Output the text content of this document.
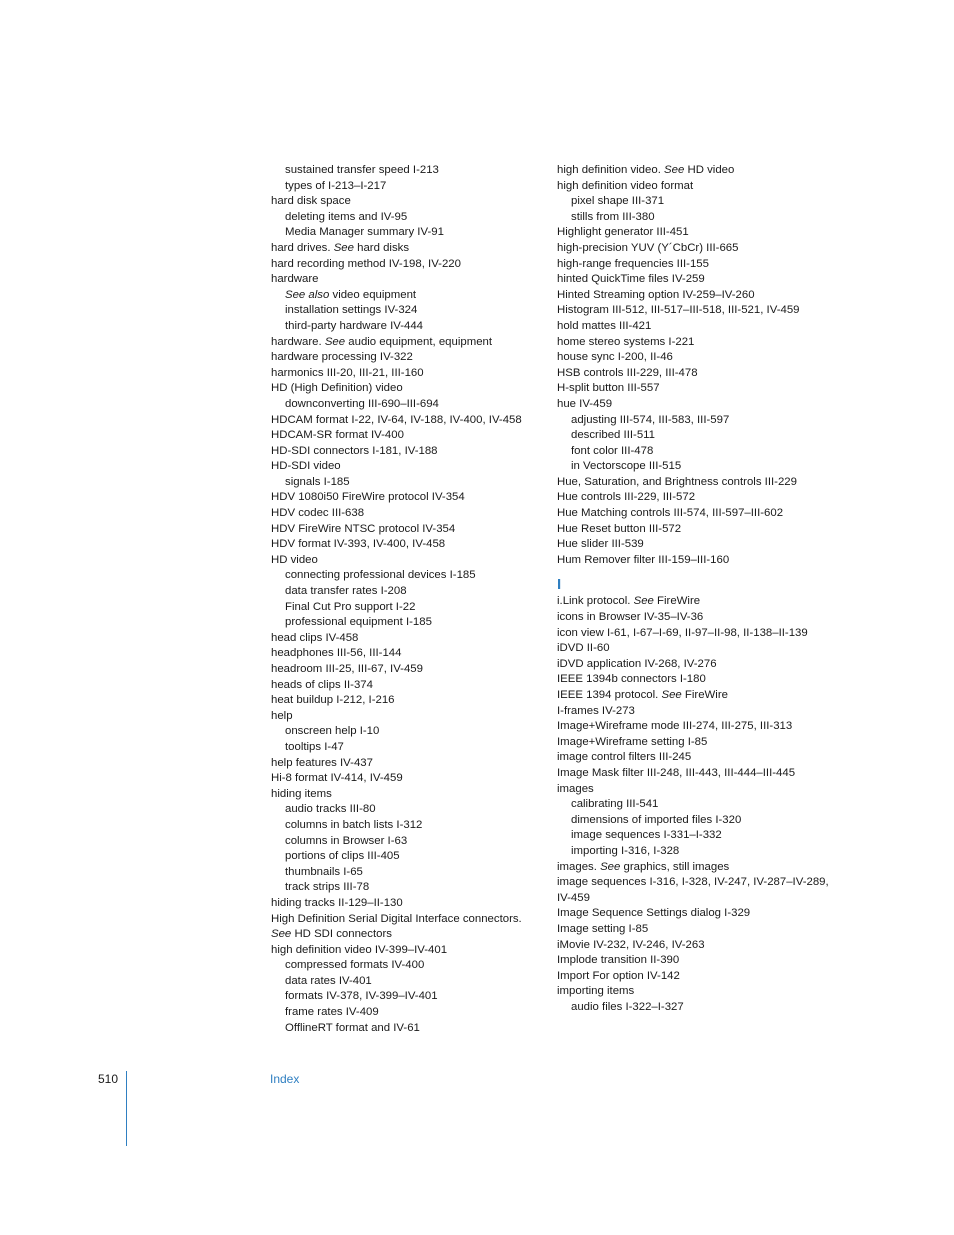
sustained transfer speed I-213
types of I-213–I-217
hard disk space
deleting items and IV-95
Media Manager summary IV-91
hard drives. See hard disks
hard recording method IV-198, IV-220
hardware
See also video equipment
installation settings IV-324
third-party hardware IV-444
hardware. See audio equipment, equipment
hardware processing IV-322
harmonics III-20, III-21, III-160
HD (High Definition) video
downconverting III-690–III-694
HDCAM format I-22, IV-64, IV-188, IV-400, IV-458
HDCAM-SR format IV-400
HD-SDI connectors I-181, IV-188
HD-SDI video
signals I-185
HDV 1080i50 FireWire protocol IV-354
HDV codec III-638
HDV FireWire NTSC protocol IV-354
HDV format IV-393, IV-400, IV-458
HD video
connecting professional devices I-185
data transfer rates I-208
Final Cut Pro support I-22
professional equipment I-185
head clips IV-458
headphones III-56, III-144
headroom III-25, III-67, IV-459
heads of clips II-374
heat buildup I-212, I-216
help
onscreen help I-10
tooltips I-47
help features IV-437
Hi-8 format IV-414, IV-459
hiding items
audio tracks III-80
columns in batch lists I-312
columns in Browser I-63
portions of clips III-405
thumbnails I-65
track strips III-78
hiding tracks II-129–II-130
High Definition Serial Digital Interface connectors. See HD SDI connectors
high definition video IV-399–IV-401
compressed formats IV-400
data rates IV-401
formats IV-378, IV-399–IV-401
frame rates IV-409
OfflineRT format and IV-61
high definition video. See HD video
high definition video format
pixel shape III-371
stills from III-380
Highlight generator III-451
high-precision YUV (Y´CbCr) III-665
high-range frequencies III-155
hinted QuickTime files IV-259
Hinted Streaming option IV-259–IV-260
Histogram III-512, III-517–III-518, III-521, IV-459
hold mattes III-421
home stereo systems I-221
house sync I-200, II-46
HSB controls III-229, III-478
H-split button III-557
hue IV-459
adjusting III-574, III-583, III-597
described III-511
font color III-478
in Vectorscope III-515
Hue, Saturation, and Brightness controls III-229
Hue controls III-229, III-572
Hue Matching controls III-574, III-597–III-602
Hue Reset button III-572
Hue slider III-539
Hum Remover filter III-159–III-160
I
i.Link protocol. See FireWire
icons in Browser IV-35–IV-36
icon view I-61, I-67–I-69, II-97–II-98, II-138–II-139
iDVD II-60
iDVD application IV-268, IV-276
IEEE 1394b connectors I-180
IEEE 1394 protocol. See FireWire
I-frames IV-273
Image+Wireframe mode III-274, III-275, III-313
Image+Wireframe setting I-85
image control filters III-245
Image Mask filter III-248, III-443, III-444–III-445
images
calibrating III-541
dimensions of imported files I-320
image sequences I-331–I-332
importing I-316, I-328
images. See graphics, still images
image sequences I-316, I-328, IV-247, IV-287–IV-289, IV-459
Image Sequence Settings dialog I-329
Image setting I-85
iMovie IV-232, IV-246, IV-263
Implode transition II-390
Import For option IV-142
importing items
audio files I-322–I-327
510	Index
